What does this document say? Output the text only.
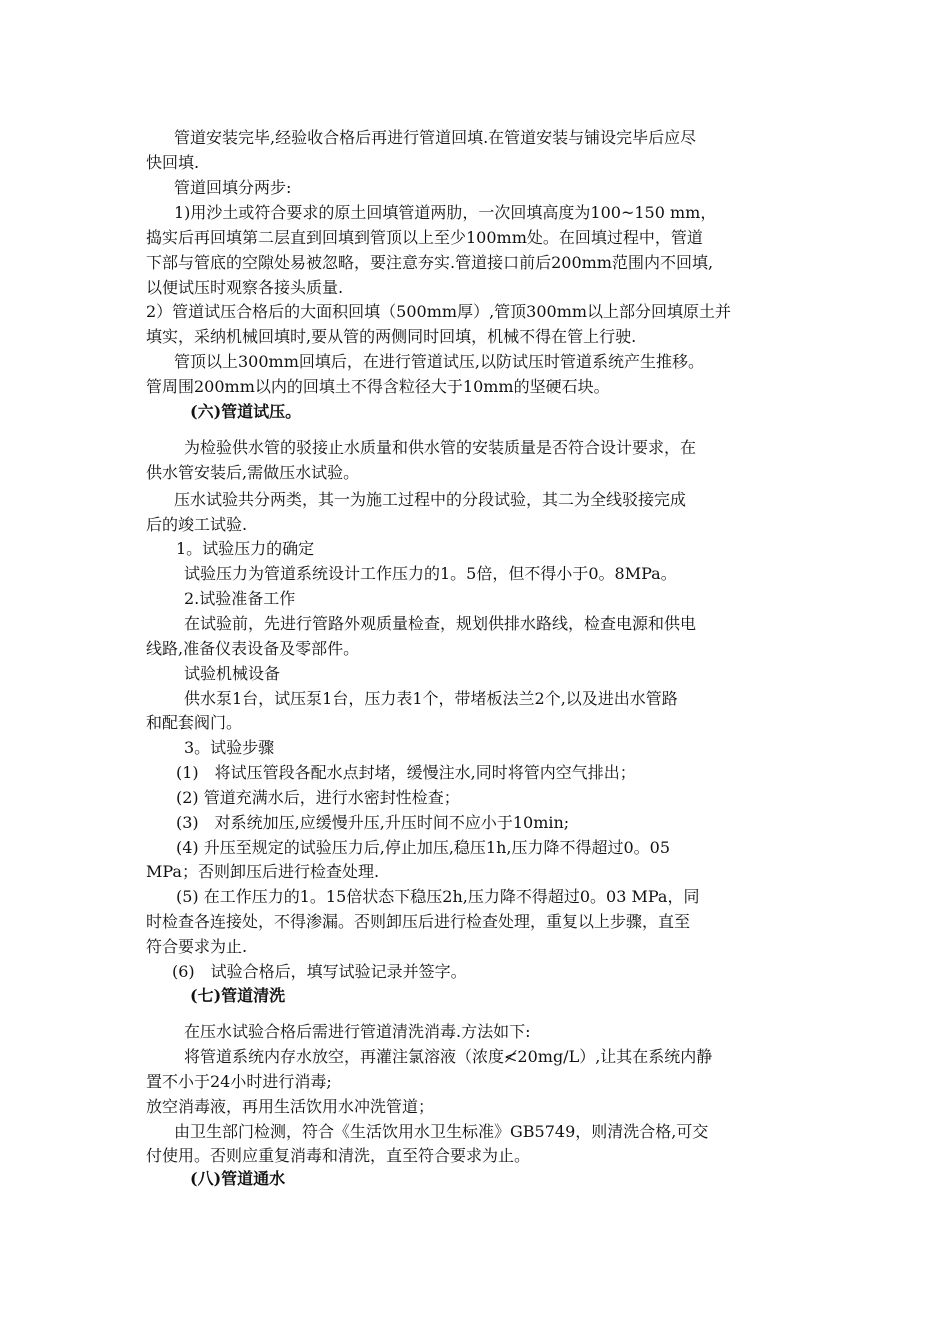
管道安装完毕,经验收合格后再进行管道回填.在管道安装与铺设完毕后应尽
快回填.
管道回填分两步:
1)用沙土或符合要求的原土回填管道两肋，一次回填高度为100~150 mm，
捣实后再回填第二层直到回填到管顶以上至少100mm处。在回填过程中，管道
下部与管底的空隙处易被忽略，要注意夯实.管道接口前后200mm范围内不回填,
以便试压时观察各接头质量.
2）管道试压合格后的大面积回填（500mm厚）,管顶300mm以上部分回填原土并
填实，采纳机械回填时,要从管的两侧同时回填，机械不得在管上行驶.
管顶以上300mm回填后，在进行管道试压,以防试压时管道系统产生推移。
管周围200mm以内的回填土不得含粒径大于10mm的坚硬石块。
(六)管道试压。
为检验供水管的驳接止水质量和供水管的安装质量是否符合设计要求，在
供水管安装后,需做压水试验。
压水试验共分两类，其一为施工过程中的分段试验，其二为全线驳接完成
后的竣工试验.
1。试验压力的确定
试验压力为管道系统设计工作压力的1。5倍，但不得小于0。8MPa。
2.试验准备工作
在试验前，先进行管路外观质量检查，规划供排水路线，检查电源和供电
线路,准备仪表设备及零部件。
试验机械设备
供水泵1台，试压泵1台，压力表1个，带堵板法兰2个,以及进出水管路
和配套阀门。
3。试验步骤
(1)　将试压管段各配水点封堵，缓慢注水,同时将管内空气排出；
(2) 管道充满水后，进行水密封性检查；
(3)　对系统加压,应缓慢升压,升压时间不应小于10min;
(4) 升压至规定的试验压力后,停止加压,稳压1h,压力降不得超过0。05
MPa；否则卸压后进行检查处理.
(5) 在工作压力的1。15倍状态下稳压2h,压力降不得超过0。03 MPa，同
时检查各连接处，不得渗漏。否则卸压后进行检查处理，重复以上步骤，直至
符合要求为止.
(6)　试验合格后，填写试验记录并签字。
(七)管道清洗
在压水试验合格后需进行管道清洗消毒.方法如下:
将管道系统内存水放空，再灌注氯溶液（浓度≮20mg/L）,让其在系统内静
置不小于24小时进行消毒;
放空消毒液，再用生活饮用水冲洗管道；
由卫生部门检测，符合《生活饮用水卫生标准》GB5749，则清洗合格,可交
付使用。否则应重复消毒和清洗，直至符合要求为止。
(八)管道通水
